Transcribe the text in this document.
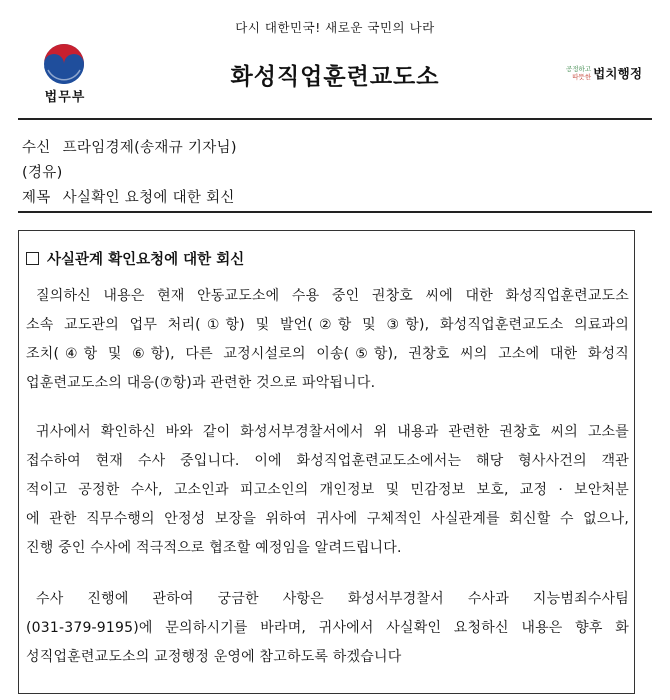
다시 대한민국! 새로운 국민의 나라
법무부
화성직업훈련교도소	공정하고
따뜻한 법치행정
수신 프라임경제(송재규 기자님)
(경유)
제목 사실확인 요청에 대한 회신
사실관계 확인요청에 대한 회신
질의하신 내용은 현재 안동교도소에 수용 중인 권창호 씨에 대한 화성직업훈련교도소
소속 교도관의 업무 처리(①항) 및 발언(②항 및 ③항), 화성직업훈련교도소 의료과의
조치(④항 및 ⑥항), 다른 교정시설로의 이송(⑤항), 권창호 씨의 고소에 대한 화성직
업훈련교도소의 대응(⑦항)과 관련한 것으로 파악됩니다.
귀사에서 확인하신 바와 같이 화성서부경찰서에서 위 내용과 관련한 권창호 씨의 고소를
접수하여 현재 수사 중입니다. 이에 화성직업훈련교도소에서는 해당 형사사건의 객관
적이고 공정한 수사, 고소인과 피고소인의 개인정보 및 민감정보 보호, 교정 · 보안처분
에 관한 직무수행의 안정성 보장을 위하여 귀사에 구체적인 사실관계를 회신할 수 없으나,
진행 중인 수사에 적극적으로 협조할 예정임을 알려드립니다.
수사 진행에 관하여 궁금한 사항은 화성서부경찰서 수사과 지능범죄수사팀
(031-379-9195)에 문의하시기를 바라며, 귀사에서 사실확인 요청하신 내용은 향후 화
성직업훈련교도소의 교정행정 운영에 참고하도록 하겠습니다
